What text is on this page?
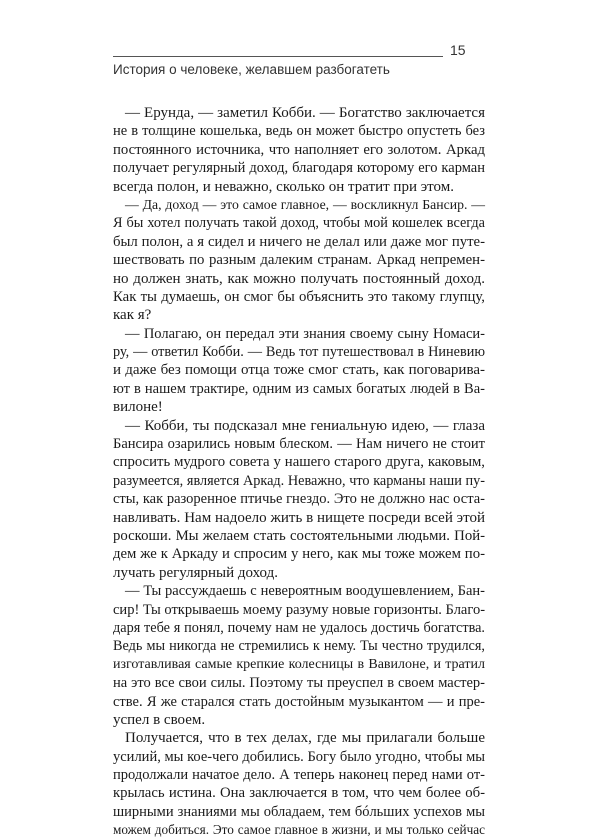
15
История о человеке, желавшем разбогатеть
— Ерунда, — заметил Кобби. — Богатство заключается
не в толщине кошелька, ведь он может быстро опустеть без
постоянного источника, что наполняет его золотом. Аркад
получает регулярный доход, благодаря которому его карман
всегда полон, и неважно, сколько он тратит при этом.
— Да, доход — это самое главное, — воскликнул Бансир. —
Я бы хотел получать такой доход, чтобы мой кошелек всегда
был полон, а я сидел и ничего не делал или даже мог путе-
шествовать по разным далеким странам. Аркад непремен-
но должен знать, как можно получать постоянный доход.
Как ты думаешь, он смог бы объяснить это такому глупцу,
как я?
— Полагаю, он передал эти знания своему сыну Номаси-
ру, — ответил Кобби. — Ведь тот путешествовал в Ниневию
и даже без помощи отца тоже смог стать, как поговарива-
ют в нашем трактире, одним из самых богатых людей в Ва-
вилоне!
— Кобби, ты подсказал мне гениальную идею, — глаза
Бансира озарились новым блеском. — Нам ничего не стоит
спросить мудрого совета у нашего старого друга, каковым,
разумеется, является Аркад. Неважно, что карманы наши пу-
сты, как разоренное птичье гнездо. Это не должно нас оста-
навливать. Нам надоело жить в нищете посреди всей этой
роскоши. Мы желаем стать состоятельными людьми. Пой-
дем же к Аркаду и спросим у него, как мы тоже можем по-
лучать регулярный доход.
— Ты рассуждаешь с невероятным воодушевлением, Бан-
сир! Ты открываешь моему разуму новые горизонты. Благо-
даря тебе я понял, почему нам не удалось достичь богатства.
Ведь мы никогда не стремились к нему. Ты честно трудился,
изготавливая самые крепкие колесницы в Вавилоне, и тратил
на это все свои силы. Поэтому ты преуспел в своем мастер-
стве. Я же старался стать достойным музыкантом — и пре-
успел в своем.
Получается, что в тех делах, где мы прилагали больше
усилий, мы кое-чего добились. Богу было угодно, чтобы мы
продолжали начатое дело. А теперь наконец перед нами от-
крылась истина. Она заключается в том, что чем более об-
ширными знаниями мы обладаем, тем бóльших успехов мы
можем добиться. Это самое главное в жизни, и мы только сейчас
